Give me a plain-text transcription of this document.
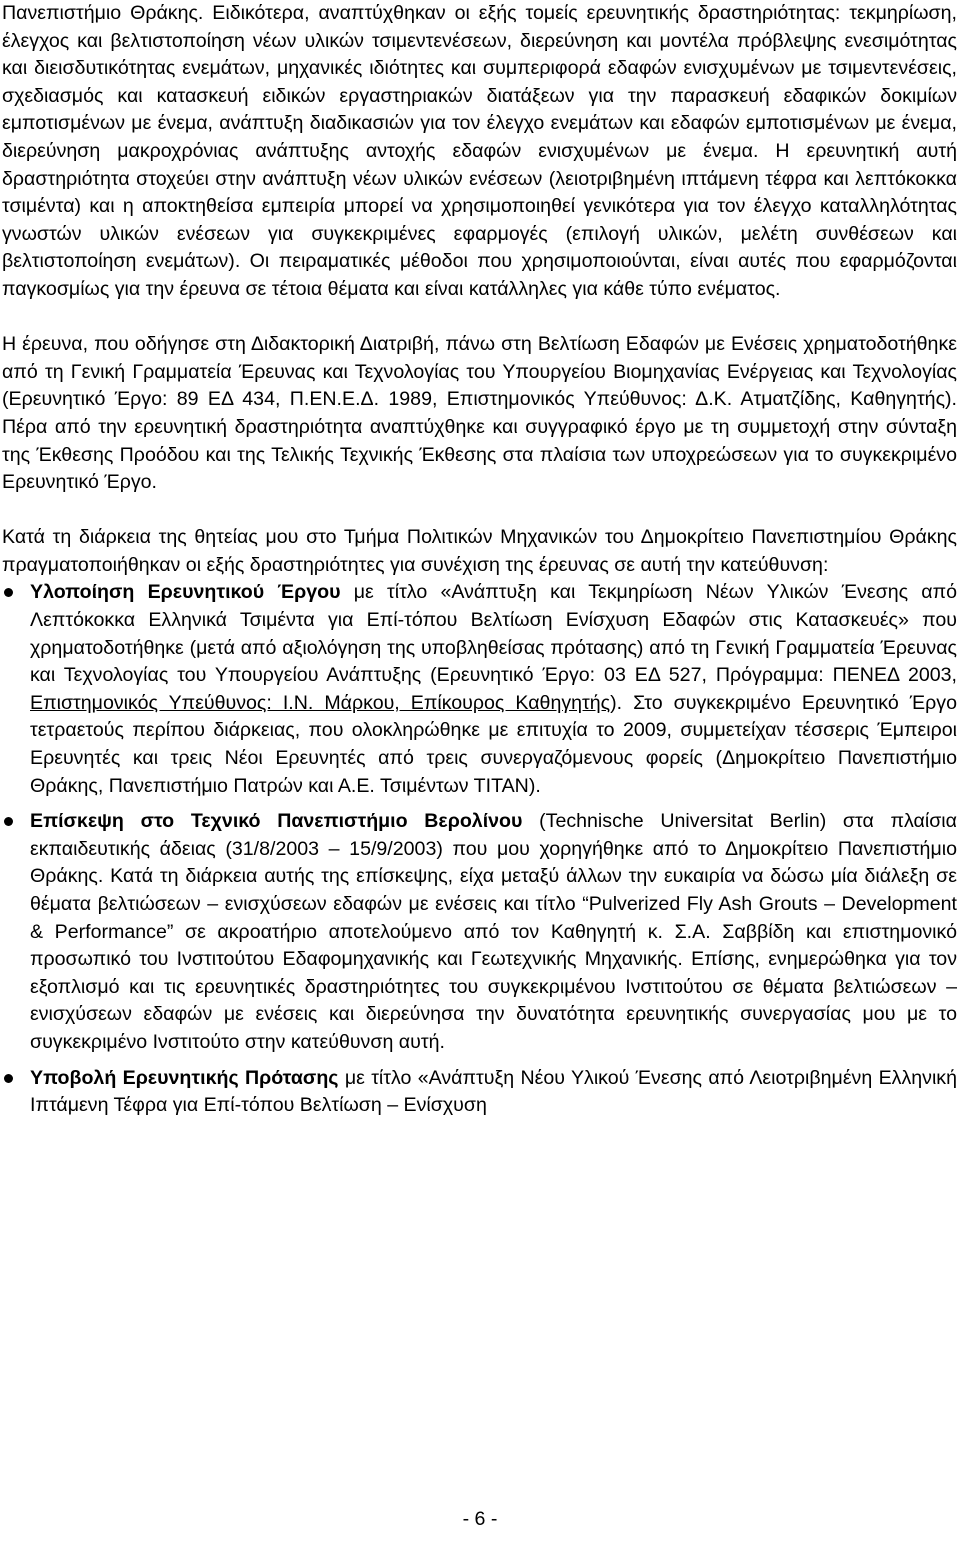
Πανεπιστήμιο Θράκης. Ειδικότερα, αναπτύχθηκαν οι εξής τομείς ερευνητικής δραστηριότητας: τεκμηρίωση, έλεγχος και βελτιστοποίηση νέων υλικών τσιμεντενέσεων, διερεύνηση και μοντέλα πρόβλεψης ενεσιμότητας και διεισδυτικότητας ενεμάτων, μηχανικές ιδιότητες και συμπεριφορά εδαφών ενισχυμένων με τσιμεντενέσεις, σχεδιασμός και κατασκευή ειδικών εργαστηριακών διατάξεων για την παρασκευή εδαφικών δοκιμίων εμποτισμένων με ένεμα, ανάπτυξη διαδικασιών για τον έλεγχο ενεμάτων και εδαφών εμποτισμένων με ένεμα, διερεύνηση μακροχρόνιας ανάπτυξης αντοχής εδαφών ενισχυμένων με ένεμα. Η ερευνητική αυτή δραστηριότητα στοχεύει στην ανάπτυξη νέων υλικών ενέσεων (λειοτριβημένη ιπτάμενη τέφρα και λεπτόκοκκα τσιμέντα) και η αποκτηθείσα εμπειρία μπορεί να χρησιμοποιηθεί γενικότερα για τον έλεγχο καταλληλότητας γνωστών υλικών ενέσεων για συγκεκριμένες εφαρμογές (επιλογή υλικών, μελέτη συνθέσεων και βελτιστοποίηση ενεμάτων). Οι πειραματικές μέθοδοι που χρησιμοποιούνται, είναι αυτές που εφαρμόζονται παγκοσμίως για την έρευνα σε τέτοια θέματα και είναι κατάλληλες για κάθε τύπο ενέματος.

Η έρευνα, που οδήγησε στη Διδακτορική Διατριβή, πάνω στη Βελτίωση Εδαφών με Ενέσεις χρηματοδοτήθηκε από τη Γενική Γραμματεία Έρευνας και Τεχνολογίας του Υπουργείου Βιομηχανίας Ενέργειας και Τεχνολογίας (Ερευνητικό Έργο: 89 ΕΔ 434, Π.ΕΝ.Ε.Δ. 1989, Επιστημονικός Υπεύθυνος: Δ.Κ. Ατματζίδης, Καθηγητής). Πέρα από την ερευνητική δραστηριότητα αναπτύχθηκε και συγγραφικό έργο με τη συμμετοχή στην σύνταξη της Έκθεσης Προόδου και της Τελικής Τεχνικής Έκθεσης στα πλαίσια των υποχρεώσεων για το συγκεκριμένο Ερευνητικό Έργο.

Κατά τη διάρκεια της θητείας μου στο Τμήμα Πολιτικών Μηχανικών του Δημοκρίτειο Πανεπιστημίου Θράκης πραγματοποιήθηκαν οι εξής δραστηριότητες για συνέχιση της έρευνας σε αυτή την κατεύθυνση:

Υλοποίηση Ερευνητικού Έργου με τίτλο «Ανάπτυξη και Τεκμηρίωση Νέων Υλικών Ένεσης από Λεπτόκοκκα Ελληνικά Τσιμέντα για Επί-τόπου Βελτίωση Ενίσχυση Εδαφών στις Κατασκευές» που χρηματοδοτήθηκε (μετά από αξιολόγηση της υποβληθείσας πρότασης) από τη Γενική Γραμματεία Έρευνας και Τεχνολογίας του Υπουργείου Ανάπτυξης (Ερευνητικό Έργο: 03 ΕΔ 527, Πρόγραμμα: ΠΕΝΕΔ 2003, Επιστημονικός Υπεύθυνος: Ι.Ν. Μάρκου, Επίκουρος Καθηγητής). Στο συγκεκριμένο Ερευνητικό Έργο τετραετούς περίπου διάρκειας, που ολοκληρώθηκε με επιτυχία το 2009, συμμετείχαν τέσσερις Έμπειροι Ερευνητές και τρεις Νέοι Ερευνητές από τρεις συνεργαζόμενους φορείς (Δημοκρίτειο Πανεπιστήμιο Θράκης, Πανεπιστήμιο Πατρών και Α.Ε. Τσιμέντων ΤΙΤΑΝ).
Επίσκεψη στο Τεχνικό Πανεπιστήμιο Βερολίνου (Technische Universitat Berlin) στα πλαίσια εκπαιδευτικής άδειας (31/8/2003 – 15/9/2003) που μου χορηγήθηκε από το Δημοκρίτειο Πανεπιστήμιο Θράκης. Κατά τη διάρκεια αυτής της επίσκεψης, είχα μεταξύ άλλων την ευκαιρία να δώσω μία διάλεξη σε θέματα βελτιώσεων – ενισχύσεων εδαφών με ενέσεις και τίτλο “Pulverized Fly Ash Grouts – Development & Performance” σε ακροατήριο αποτελούμενο από τον Καθηγητή κ. Σ.Α. Σαββίδη και επιστημονικό προσωπικό του Ινστιτούτου Εδαφομηχανικής και Γεωτεχνικής Μηχανικής. Επίσης, ενημερώθηκα για τον εξοπλισμό και τις ερευνητικές δραστηριότητες του συγκεκριμένου Ινστιτούτου σε θέματα βελτιώσεων – ενισχύσεων εδαφών με ενέσεις και διερεύνησα την δυνατότητα ερευνητικής συνεργασίας μου με το συγκεκριμένο Ινστιτούτο στην κατεύθυνση αυτή.
Υποβολή Ερευνητικής Πρότασης με τίτλο «Ανάπτυξη Νέου Υλικού Ένεσης από Λειοτριβημένη Ελληνική Ιπτάμενη Τέφρα για Επί-τόπου Βελτίωση – Ενίσχυση
- 6 -
